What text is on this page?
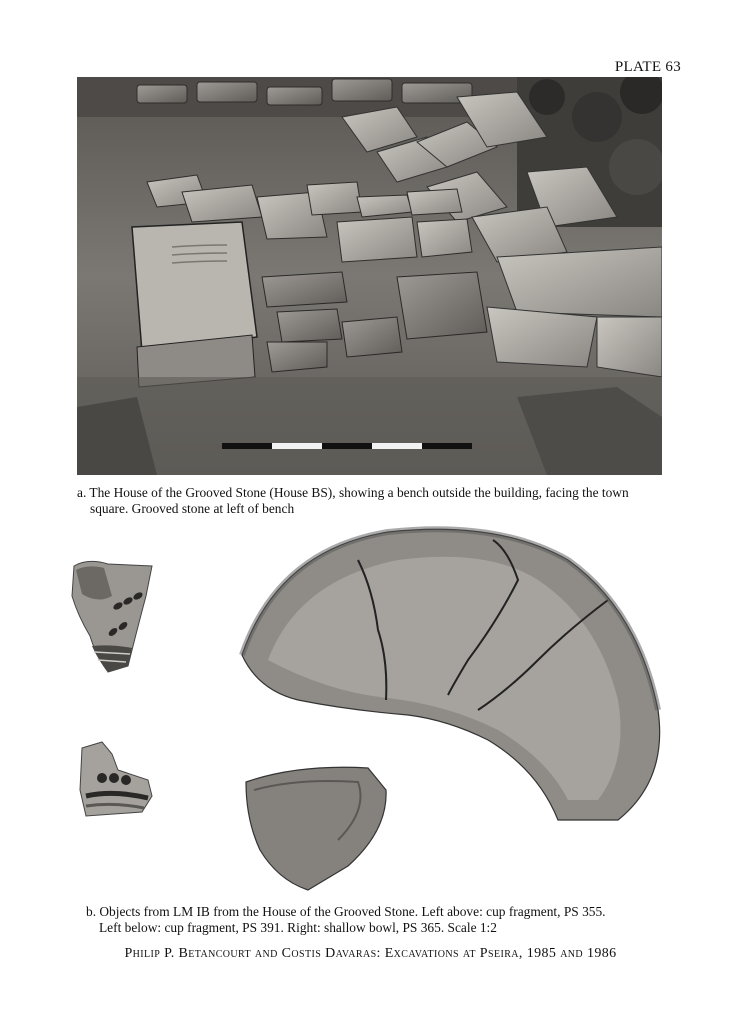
PLATE 63
a. The House of the Grooved Stone (House BS), showing a bench outside the building, facing the town
square. Grooved stone at left of bench
b. Objects from LM IB from the House of the Grooved Stone. Left above: cup fragment, PS 355.
Left below: cup fragment, PS 391. Right: shallow bowl, PS 365. Scale 1:2
Philip P. Betancourt and Costis Davaras: Excavations at Pseira, 1985 and 1986
